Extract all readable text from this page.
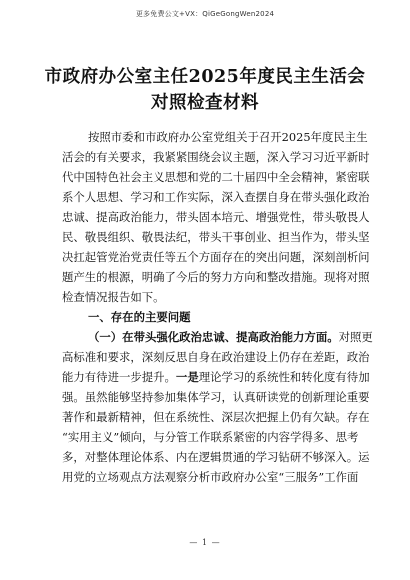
更多免费公文+VX：QiGeGongWen2024
市政府办公室主任2025年度民主生活会
对照检查材料
按照市委和市政府办公室党组关于召开2025年度民主生
活会的有关要求，我紧紧围绕会议主题，深入学习习近平新时
代中国特色社会主义思想和党的二十届四中全会精神，紧密联
系个人思想、学习和工作实际，深入查摆自身在带头强化政治
忠诚、提高政治能力，带头固本培元、增强党性，带头敬畏人
民、敬畏组织、敬畏法纪，带头干事创业、担当作为，带头坚
决扛起管党治党责任等五个方面存在的突出问题，深刻剖析问
题产生的根源，明确了今后的努力方向和整改措施。现将对照
检查情况报告如下。
一、存在的主要问题
（一）在带头强化政治忠诚、提高政治能力方面。对照更
高标准和要求，深刻反思自身在政治建设上仍存在差距，政治
能力有待进一步提升。一是理论学习的系统性和转化度有待加
强。虽然能够坚持参加集体学习，认真研读党的创新理论重要
著作和最新精神，但在系统性、深层次把握上仍有欠缺。存在
“实用主义”倾向，与分管工作联系紧密的内容学得多、思考
多，对整体理论体系、内在逻辑贯通的学习钻研不够深入。运
用党的立场观点方法观察分析市政府办公室“三服务”工作面
— 1 —
